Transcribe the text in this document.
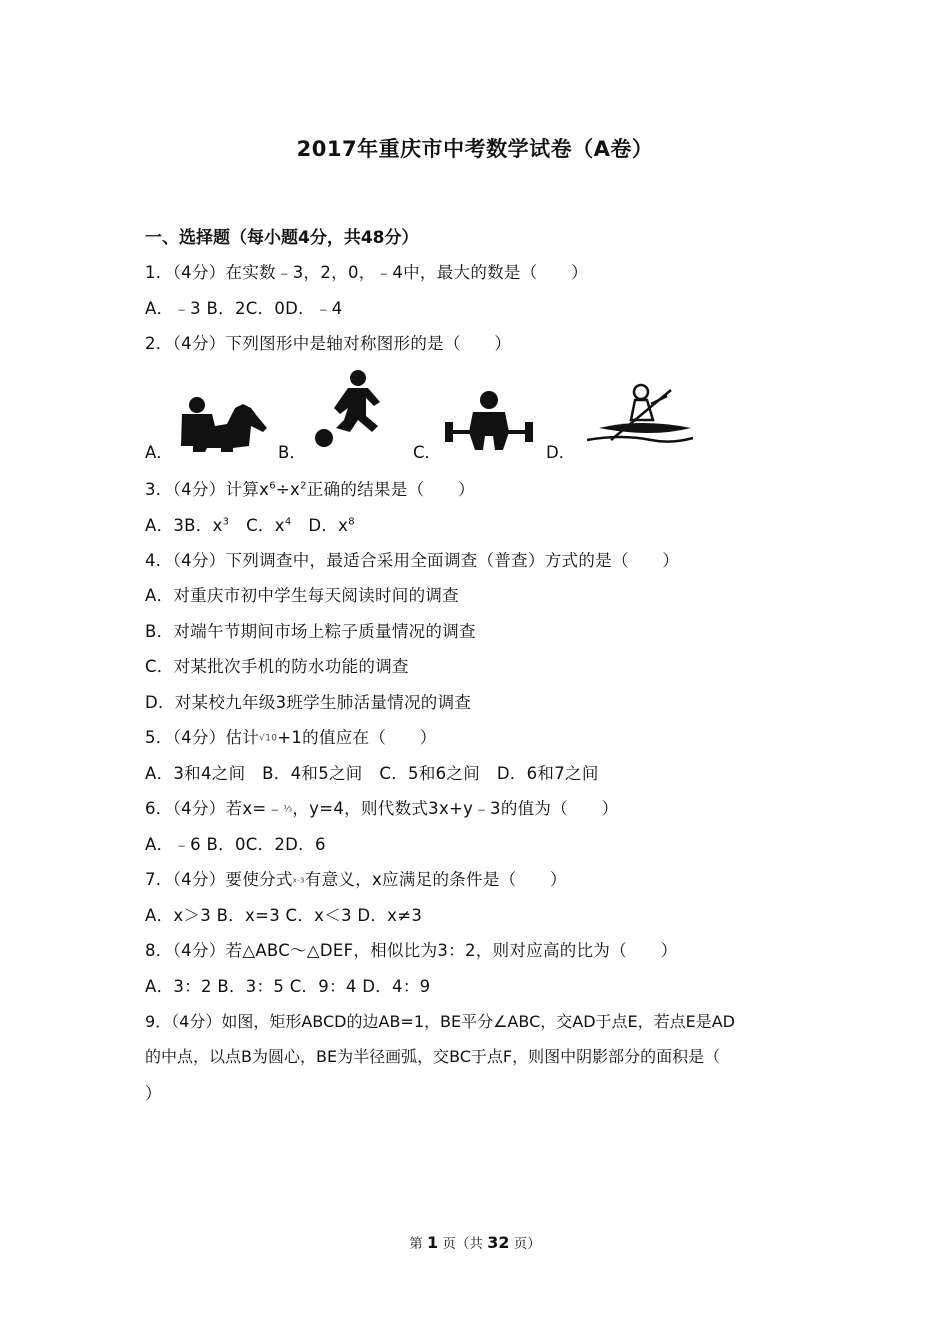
2017年重庆市中考数学试卷（A卷）
一、选择题（每小题4分，共48分）
1．（4分）在实数﹣3，2，0，﹣4中，最大的数是（　　）
A．﹣3 B．2C．0D．﹣4
2．（4分）下列图形中是轴对称图形的是（　　）
A．	B．	C．	D．
3．（4分）计算$x^6\div x^2$正确的结果是（　　）
A．3B．$x^3$　C．$x^4$　D．$x^8$
4．（4分）下列调查中，最适合采用全面调查（普查）方式的是（　　）
A．对重庆市初中学生每天阅读时间的调查
B．对端午节期间市场上粽子质量情况的调查
C．对某批次手机的防水功能的调查
D．对某校九年级3班学生肺活量情况的调查
5．（4分）估计√10+1的值应在（　　）
A．3和4之间　B．4和5之间　C．5和6之间　D．6和7之间
6．（4分）若x=﹣⅓，y=4，则代数式3x+y﹣3的值为（　　）
A．﹣6 B．0C．2D．6
7．（4分）要使分式x-3有意义，x应满足的条件是（　　）
A．x＞3 B．x=3 C．x＜3 D．x≠3
8．（4分）若△ABC～△DEF，相似比为3：2，则对应高的比为（　　）
A．3：2 B．3：5 C．9：4 D．4：9
9．（4分）如图，矩形ABCD的边AB=1，BE平分∠ABC，交AD于点E，若点E是AD
的中点，以点B为圆心，BE为半径画弧，交BC于点F，则图中阴影部分的面积是（
）
第 1 页（共 32 页）
